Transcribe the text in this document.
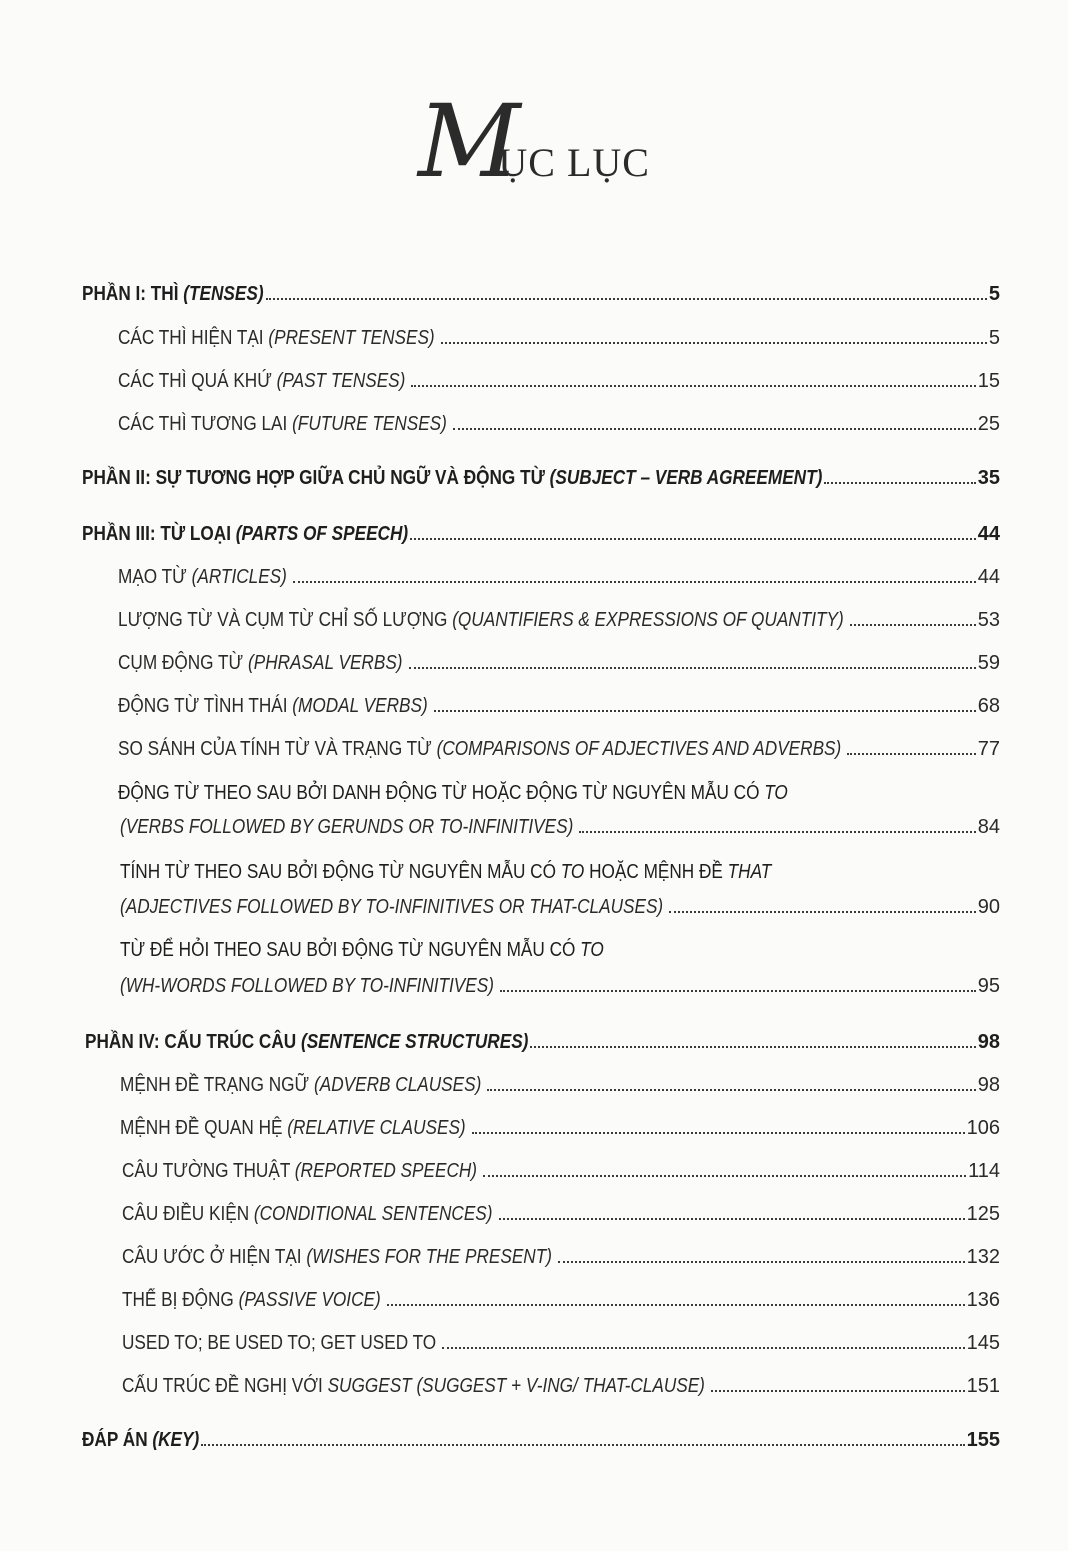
MỤC LỤC
PHẦN I: THÌ (TENSES)	5
CÁC THÌ HIỆN TẠI (PRESENT TENSES)	5
CÁC THÌ QUÁ KHỨ (PAST TENSES)	15
CÁC THÌ TƯƠNG LAI (FUTURE TENSES)	25
PHẦN II: SỰ TƯƠNG HỢP GIỮA CHỦ NGỮ VÀ ĐỘNG TỪ (SUBJECT – VERB AGREEMENT)	35
PHẦN III: TỪ LOẠI (PARTS OF SPEECH)	44
MẠO TỪ (ARTICLES)	44
LƯỢNG TỪ VÀ CỤM TỪ CHỈ SỐ LƯỢNG (QUANTIFIERS & EXPRESSIONS OF QUANTITY)	53
CỤM ĐỘNG TỪ (PHRASAL VERBS)	59
ĐỘNG TỪ TÌNH THÁI (MODAL VERBS)	68
SO SÁNH CỦA TÍNH TỪ VÀ TRẠNG TỪ (COMPARISONS OF ADJECTIVES AND ADVERBS)	77
ĐỘNG TỪ THEO SAU BỞI DANH ĐỘNG TỪ HOẶC ĐỘNG TỪ NGUYÊN MẪU CÓ TO
(VERBS FOLLOWED BY GERUNDS OR TO-INFINITIVES)	84
TÍNH TỪ THEO SAU BỞI ĐỘNG TỪ NGUYÊN MẪU CÓ TO HOẶC MỆNH ĐỀ THAT
(ADJECTIVES FOLLOWED BY TO-INFINITIVES OR THAT-CLAUSES)	90
TỪ ĐỂ HỎI THEO SAU BỞI ĐỘNG TỪ NGUYÊN MẪU CÓ TO
(WH-WORDS FOLLOWED BY TO-INFINITIVES)	95
PHẦN IV: CẤU TRÚC CÂU (SENTENCE STRUCTURES)	98
MỆNH ĐỀ TRẠNG NGỮ (ADVERB CLAUSES)	98
MỆNH ĐỀ QUAN HỆ (RELATIVE CLAUSES)	106
CÂU TƯỜNG THUẬT (REPORTED SPEECH)	114
CÂU ĐIỀU KIỆN (CONDITIONAL SENTENCES)	125
CÂU ƯỚC Ở HIỆN TẠI (WISHES FOR THE PRESENT)	132
THỂ BỊ ĐỘNG (PASSIVE VOICE)	136
USED TO; BE USED TO; GET USED TO	145
CẤU TRÚC ĐỀ NGHỊ VỚI SUGGEST (SUGGEST + V-ING/ THAT-CLAUSE)	151
ĐÁP ÁN (KEY)	155
